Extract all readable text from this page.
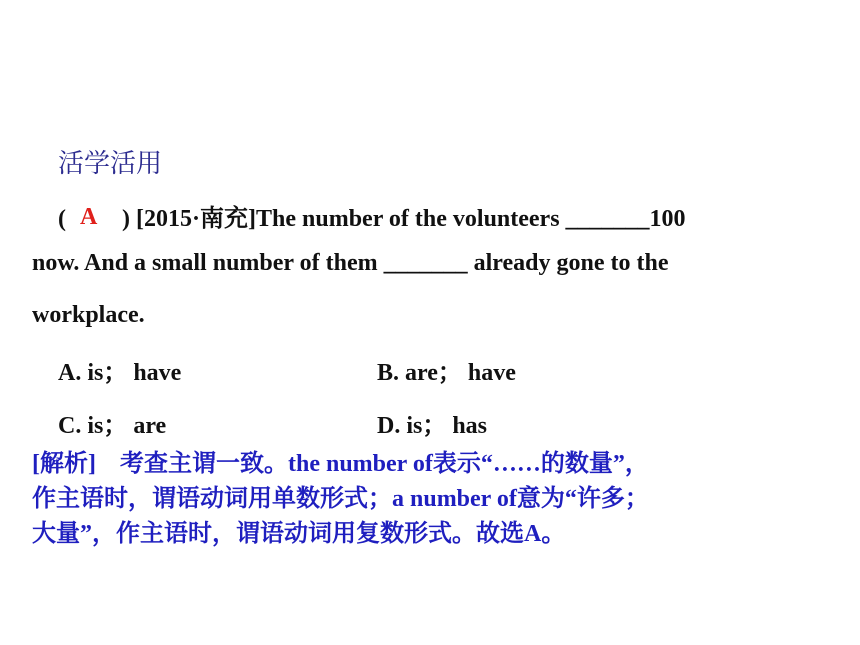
活学活用
( ) [2015·南充]The number of the volunteers _______100
A
now. And a small number of them _______ already gone to the
workplace.
A. is； have	B. are； have
C. is； are	D. is； has
[解析] 考查主谓一致。the number of表示“……的数量”，
作主语时，谓语动词用单数形式；a number of意为“许多；
大量”，作主语时，谓语动词用复数形式。故选A。
